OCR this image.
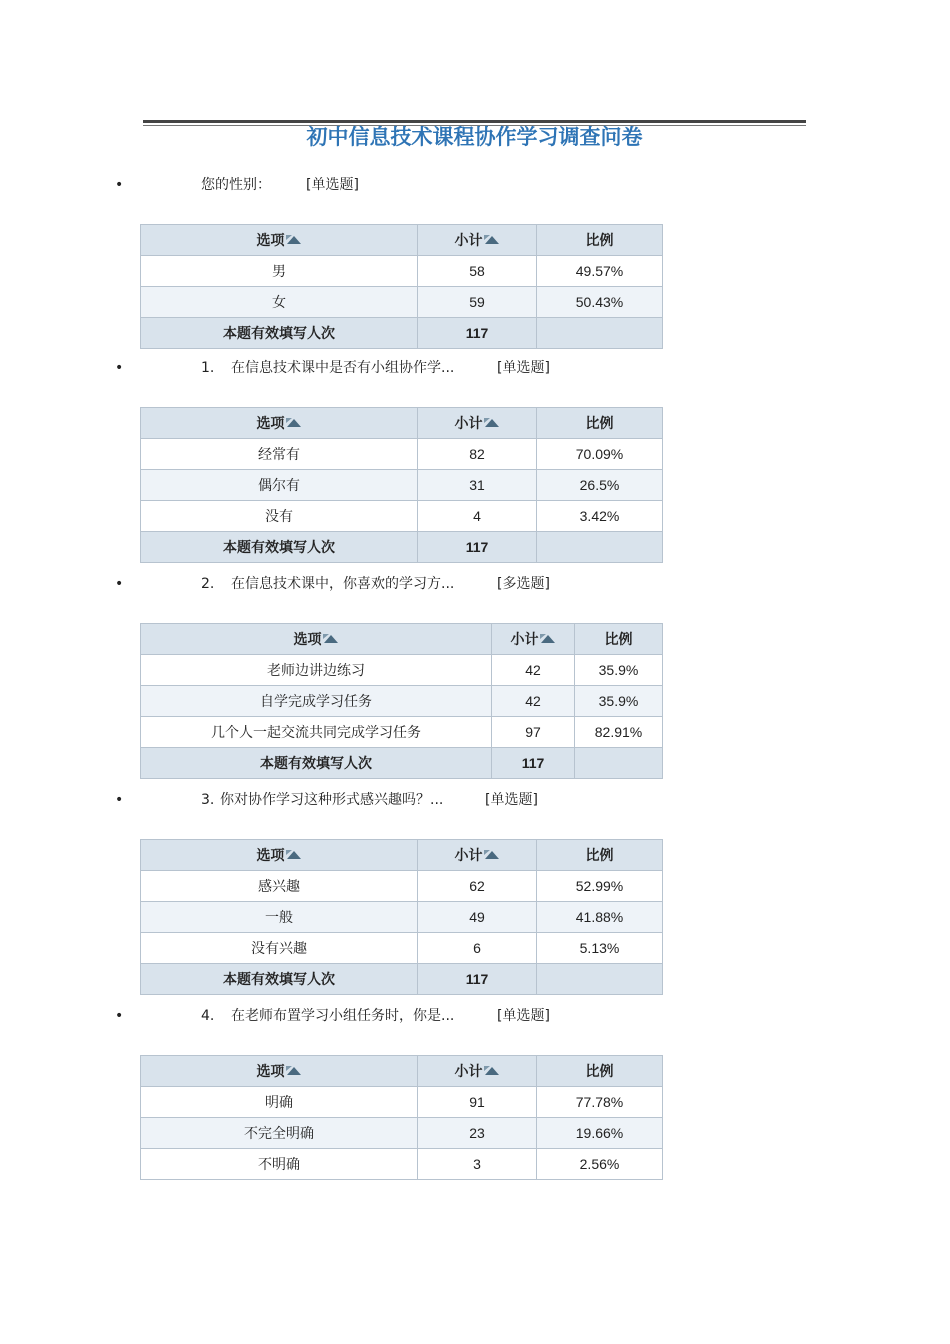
初中信息技术课程协作学习调查问卷
•	您的性别：	[单选题]
选项	小计	比例
男	58	49.57%
女	59	50.43%
本题有效填写人次	117	
•	1. 在信息技术课中是否有小组协作学...	[单选题]
选项	小计	比例
经常有	82	70.09%
偶尔有	31	26.5%
没有	4	3.42%
本题有效填写人次	117	
•	2. 在信息技术课中，你喜欢的学习方...	[多选题]
选项	小计	比例
老师边讲边练习	42	35.9%
自学完成学习任务	42	35.9%
几个人一起交流共同完成学习任务	97	82.91%
本题有效填写人次	117	
•	3. 你对协作学习这种形式感兴趣吗？...	[单选题]
选项	小计	比例
感兴趣	62	52.99%
一般	49	41.88%
没有兴趣	6	5.13%
本题有效填写人次	117	
•	4. 在老师布置学习小组任务时，你是...	[单选题]
选项	小计	比例
明确	91	77.78%
不完全明确	23	19.66%
不明确	3	2.56%
